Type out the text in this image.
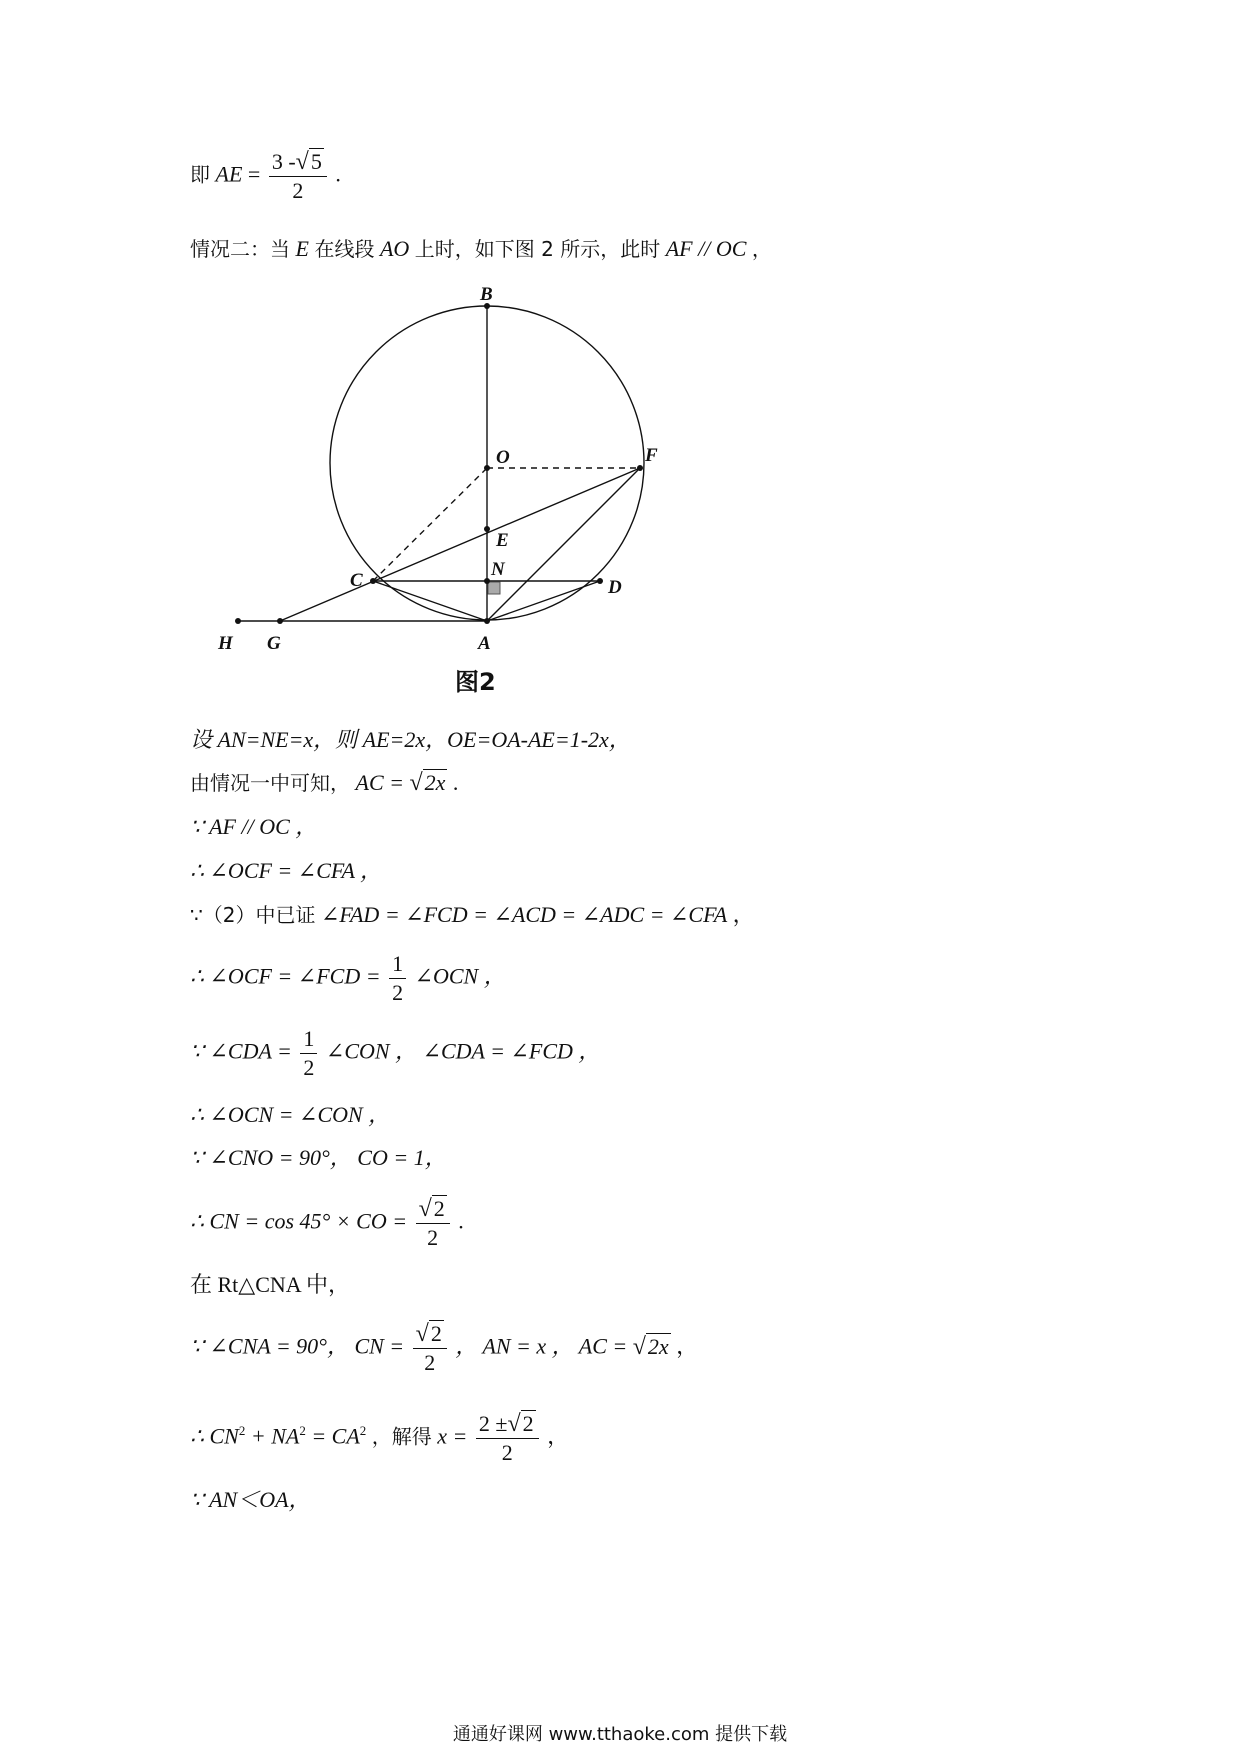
即 AE = $\frac{3 -√5}{2}$ .
情况二：当 E 在线段 AO 上时，如下图 2 所示，此时 AF // OC ，
B
O	F
E
N
C	D
H G	A
图2
设 AN=NE=x，则 AE=2x，OE=OA-AE=1-2x，
由情况一中可知， AC = √2x .
∵ AF // OC ，
∴ ∠OCF = ∠CFA ，
∵（2）中已证 ∠FAD = ∠FCD = ∠ACD = ∠ADC = ∠CFA ，
∴ ∠OCF = ∠FCD = $\frac{1}{2}$ ∠OCN ，
∵ ∠CDA = $\frac{1}{2}$ ∠CON ， ∠CDA = ∠FCD ，
∴ ∠OCN = ∠CON ，
∵ ∠CNO = 90°， CO = 1，
∴ CN = cos 45° × CO = $\frac{√2}{2}$ .
在 Rt△CNA 中，
∵ ∠CNA = 90°， CN = $\frac{√2}{2}$ ， AN = x ， AC = √2x ，
∴ $CN^2 + NA^2 = CA^2$ ，解得 $x = \frac{2 \pm√2}{2}$ ，
∵ AN＜OA，
通通好课网 www.tthaoke.com 提供下载
